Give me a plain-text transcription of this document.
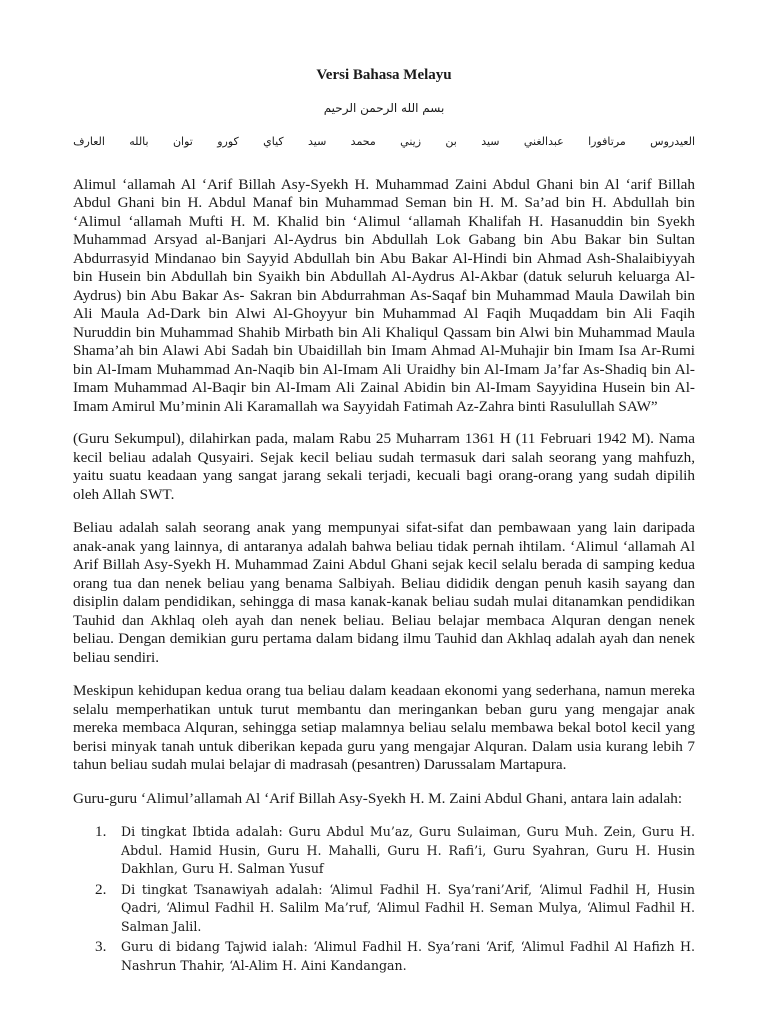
Versi Bahasa Melayu
بسم الله الرحمن الرحيم
العارف بالله توان كورو كياي سيد محمد زيني بن سيد عبدالغني مرتافورا العيدروس

Alimul ‘allamah Al ‘Arif Billah Asy-Syekh H. Muhammad Zaini Abdul Ghani bin Al ‘arif Billah Abdul Ghani bin H. Abdul Manaf bin Muhammad Seman bin H. M. Sa’ad bin H. Abdullah bin ‘Alimul ‘allamah Mufti H. M. Khalid bin ‘Alimul ‘allamah Khalifah H. Hasanuddin bin Syekh Muhammad Arsyad al-Banjari Al-Aydrus bin Abdullah Lok Gabang bin Abu Bakar bin Sultan Abdurrasyid Mindanao bin Sayyid Abdullah bin Abu Bakar Al-Hindi bin Ahmad Ash-Shalaibiyyah bin Husein bin Abdullah bin Syaikh bin Abdullah Al-Aydrus Al-Akbar (datuk seluruh keluarga Al-Aydrus) bin Abu Bakar As- Sakran bin Abdurrahman As-Saqaf bin Muhammad Maula Dawilah bin Ali Maula Ad-Dark bin Alwi Al-Ghoyyur bin Muhammad Al Faqih Muqaddam bin Ali Faqih Nuruddin bin Muhammad Shahib Mirbath bin Ali Khaliqul Qassam bin Alwi bin Muhammad Maula Shama’ah bin Alawi Abi Sadah bin Ubaidillah bin Imam Ahmad Al-Muhajir bin Imam Isa Ar-Rumi bin Al-Imam Muhammad An-Naqib bin Al-Imam Ali Uraidhy bin Al-Imam Ja’far As-Shadiq bin Al-Imam Muhammad Al-Baqir bin Al-Imam Ali Zainal Abidin bin Al-Imam Sayyidina Husein bin Al-Imam Amirul Mu’minin Ali Karamallah wa Sayyidah Fatimah Az-Zahra binti Rasulullah SAW”

(Guru Sekumpul), dilahirkan pada, malam Rabu 25 Muharram 1361 H (11 Februari 1942 M). Nama kecil beliau adalah Qusyairi. Sejak kecil beliau sudah termasuk dari salah seorang yang mahfuzh, yaitu suatu keadaan yang sangat jarang sekali terjadi, kecuali bagi orang-orang yang sudah dipilih oleh Allah SWT.

Beliau adalah salah seorang anak yang mempunyai sifat-sifat dan pembawaan yang lain daripada anak-anak yang lainnya, di antaranya adalah bahwa beliau tidak pernah ihtilam. ‘Alimul ‘allamah Al Arif Billah Asy-Syekh H. Muhammad Zaini Abdul Ghani sejak kecil selalu berada di samping kedua orang tua dan nenek beliau yang benama Salbiyah. Beliau dididik dengan penuh kasih sayang dan disiplin dalam pendidikan, sehingga di masa kanak-kanak beliau sudah mulai ditanamkan pendidikan Tauhid dan Akhlaq oleh ayah dan nenek beliau. Beliau belajar membaca Alquran dengan nenek beliau. Dengan demikian guru pertama dalam bidang ilmu Tauhid dan Akhlaq adalah ayah dan nenek beliau sendiri.

Meskipun kehidupan kedua orang tua beliau dalam keadaan ekonomi yang sederhana, namun mereka selalu memperhatikan untuk turut membantu dan meringankan beban guru yang mengajar anak mereka membaca Alquran, sehingga setiap malamnya beliau selalu membawa bekal botol kecil yang berisi minyak tanah untuk diberikan kepada guru yang mengajar Alquran. Dalam usia kurang lebih 7 tahun beliau sudah mulai belajar di madrasah (pesantren) Darussalam Martapura.

Guru-guru ‘Alimul’allamah Al ‘Arif Billah Asy-Syekh H. M. Zaini Abdul Ghani, antara lain adalah:

1.	Di tingkat Ibtida adalah: Guru Abdul Mu’az, Guru Sulaiman, Guru Muh. Zein, Guru H. Abdul. Hamid Husin, Guru H. Mahalli, Guru H. Rafi’i, Guru Syahran, Guru H. Husin Dakhlan, Guru H. Salman Yusuf
2.	Di tingkat Tsanawiyah adalah: ‘Alimul Fadhil H. Sya’rani’Arif, ‘Alimul Fadhil H, Husin Qadri, ‘Alimul Fadhil H. Salilm Ma’ruf, ‘Alimul Fadhil H. Seman Mulya, ‘Alimul Fadhil H. Salman Jalil.
3.	Guru di bidang Tajwid ialah: ‘Alimul Fadhil H. Sya’rani ‘Arif, ‘Alimul Fadhil Al Hafizh H. Nashrun Thahir, ‘Al-Alim H. Aini Kandangan.
